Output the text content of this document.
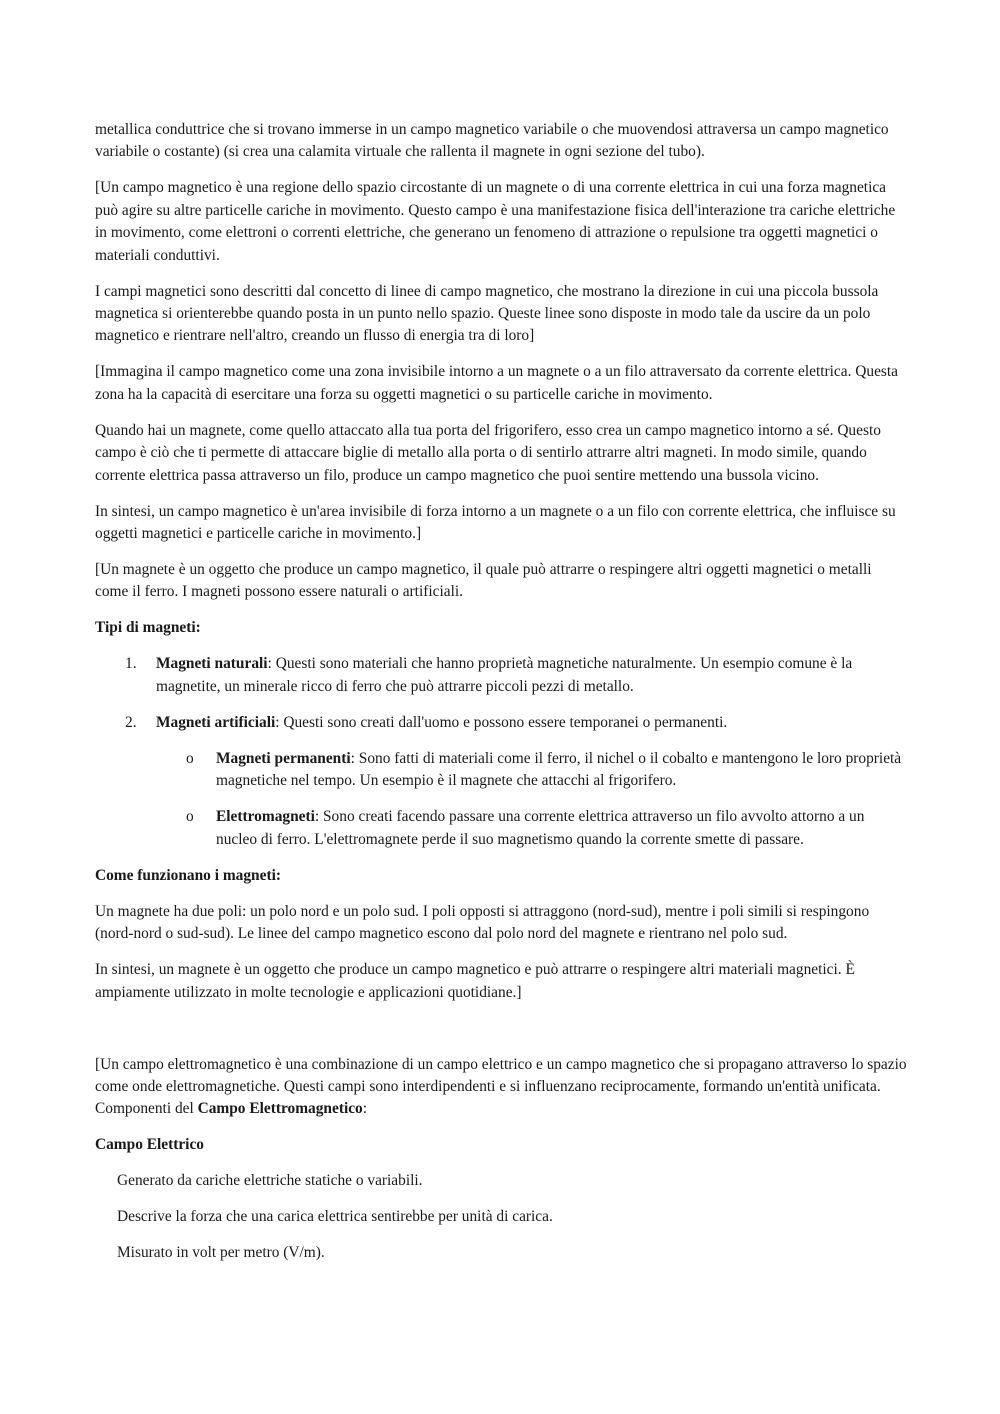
metallica conduttrice che si trovano immerse in un campo magnetico variabile o che muovendosi attraversa un campo magnetico variabile o costante) (si crea una calamita virtuale che rallenta il magnete in ogni sezione del tubo).

[Un campo magnetico è una regione dello spazio circostante di un magnete o di una corrente elettrica in cui una forza magnetica può agire su altre particelle cariche in movimento. Questo campo è una manifestazione fisica dell'interazione tra cariche elettriche in movimento, come elettroni o correnti elettriche, che generano un fenomeno di attrazione o repulsione tra oggetti magnetici o materiali conduttivi.

I campi magnetici sono descritti dal concetto di linee di campo magnetico, che mostrano la direzione in cui una piccola bussola magnetica si orienterebbe quando posta in un punto nello spazio. Queste linee sono disposte in modo tale da uscire da un polo magnetico e rientrare nell'altro, creando un flusso di energia tra di loro]

[Immagina il campo magnetico come una zona invisibile intorno a un magnete o a un filo attraversato da corrente elettrica. Questa zona ha la capacità di esercitare una forza su oggetti magnetici o su particelle cariche in movimento.

Quando hai un magnete, come quello attaccato alla tua porta del frigorifero, esso crea un campo magnetico intorno a sé. Questo campo è ciò che ti permette di attaccare biglie di metallo alla porta o di sentirlo attrarre altri magneti. In modo simile, quando corrente elettrica passa attraverso un filo, produce un campo magnetico che puoi sentire mettendo una bussola vicino.

In sintesi, un campo magnetico è un'area invisibile di forza intorno a un magnete o a un filo con corrente elettrica, che influisce su oggetti magnetici e particelle cariche in movimento.]

[Un magnete è un oggetto che produce un campo magnetico, il quale può attrarre o respingere altri oggetti magnetici o metalli come il ferro. I magneti possono essere naturali o artificiali.

Tipi di magneti:

1. Magneti naturali: Questi sono materiali che hanno proprietà magnetiche naturalmente. Un esempio comune è la magnetite, un minerale ricco di ferro che può attrarre piccoli pezzi di metallo.
2. Magneti artificiali: Questi sono creati dall'uomo e possono essere temporanei o permanenti.
o Magneti permanenti: Sono fatti di materiali come il ferro, il nichel o il cobalto e mantengono le loro proprietà magnetiche nel tempo. Un esempio è il magnete che attacchi al frigorifero.
o Elettromagneti: Sono creati facendo passare una corrente elettrica attraverso un filo avvolto attorno a un nucleo di ferro. L'elettromagnete perde il suo magnetismo quando la corrente smette di passare.

Come funzionano i magneti:

Un magnete ha due poli: un polo nord e un polo sud. I poli opposti si attraggono (nord-sud), mentre i poli simili si respingono (nord-nord o sud-sud). Le linee del campo magnetico escono dal polo nord del magnete e rientrano nel polo sud.

In sintesi, un magnete è un oggetto che produce un campo magnetico e può attrarre o respingere altri materiali magnetici. È ampiamente utilizzato in molte tecnologie e applicazioni quotidiane.]

[Un campo elettromagnetico è una combinazione di un campo elettrico e un campo magnetico che si propagano attraverso lo spazio come onde elettromagnetiche. Questi campi sono interdipendenti e si influenzano reciprocamente, formando un'entità unificata. Componenti del Campo Elettromagnetico:

Campo Elettrico

Generato da cariche elettriche statiche o variabili.

Descrive la forza che una carica elettrica sentirebbe per unità di carica.

Misurato in volt per metro (V/m).
